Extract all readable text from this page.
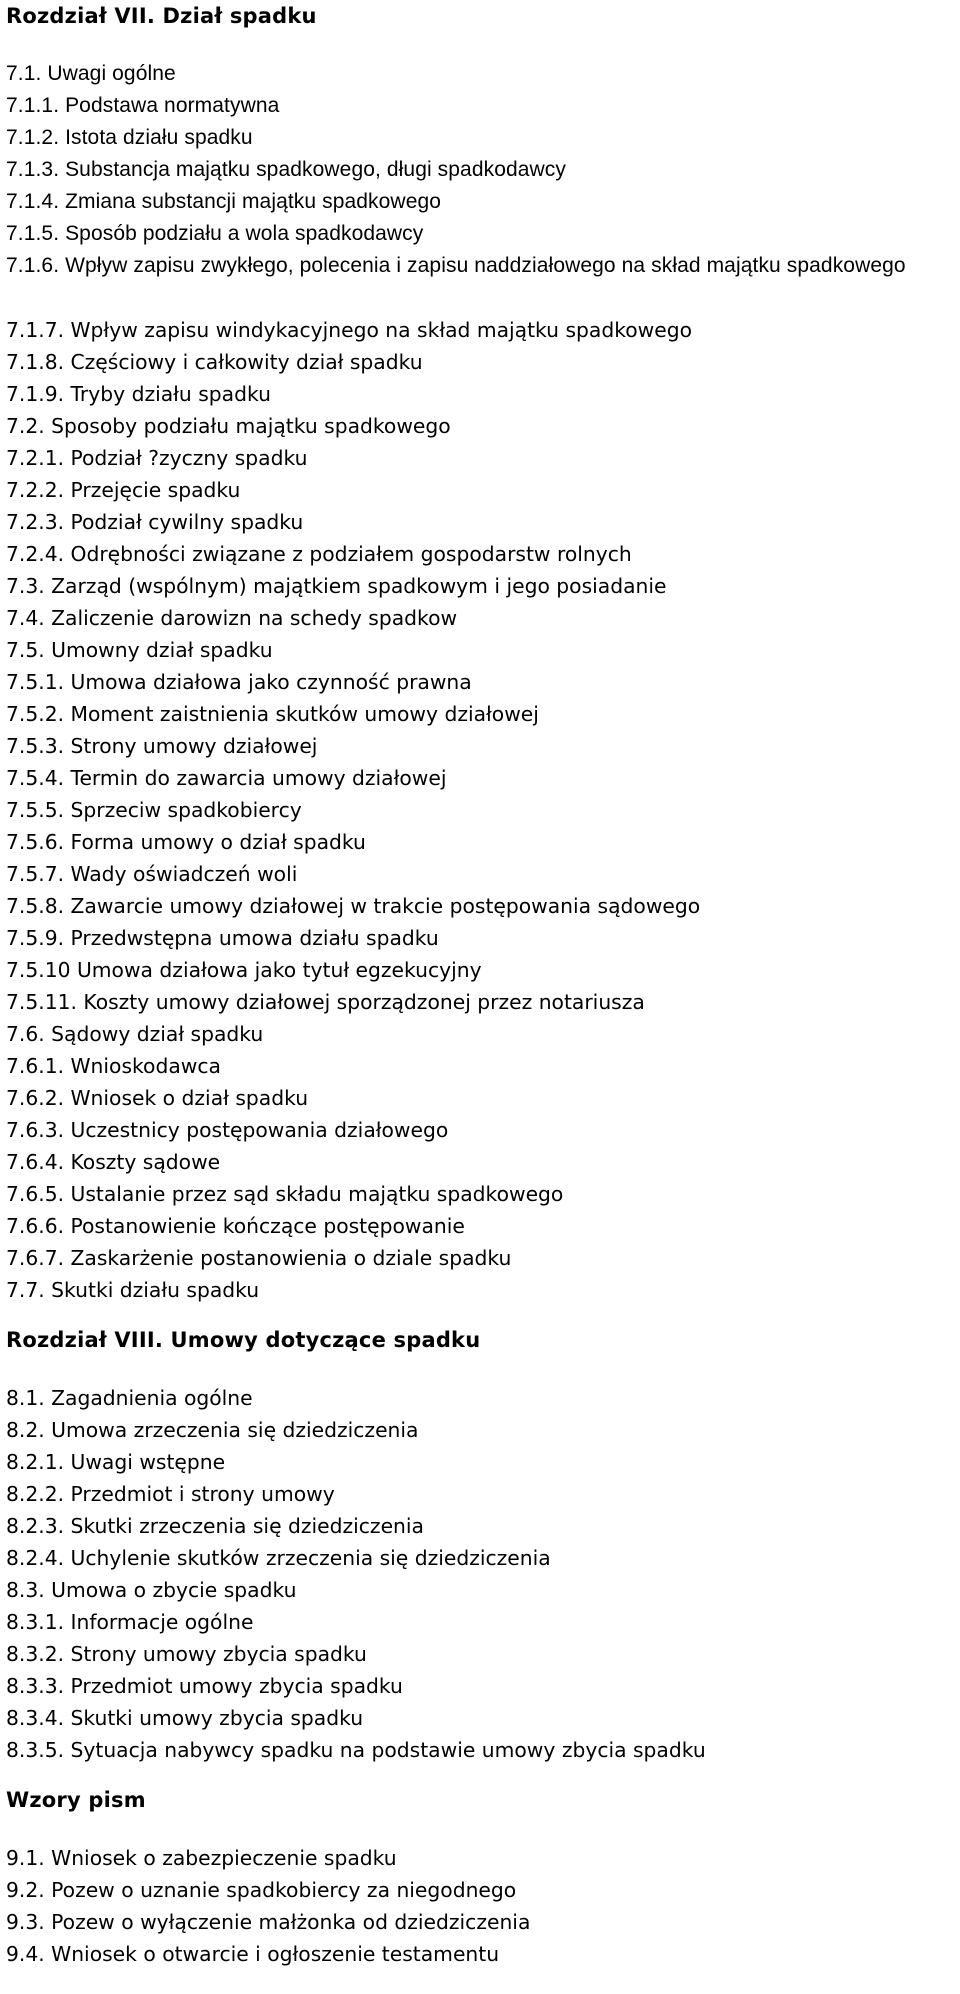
Rozdział VII. Dział spadku
7.1. Uwagi ogólne
7.1.1. Podstawa normatywna
7.1.2. Istota działu spadku
7.1.3. Substancja majątku spadkowego, długi spadkodawcy
7.1.4. Zmiana substancji majątku spadkowego
7.1.5. Sposób podziału a wola spadkodawcy
7.1.6. Wpływ zapisu zwykłego, polecenia i zapisu naddziałowego na skład majątku spadkowego
7.1.7. Wpływ zapisu windykacyjnego na skład majątku spadkowego
7.1.8. Częściowy i całkowity dział spadku
7.1.9. Tryby działu spadku
7.2. Sposoby podziału majątku spadkowego
7.2.1. Podział ?zyczny spadku
7.2.2. Przejęcie spadku
7.2.3. Podział cywilny spadku
7.2.4. Odrębności związane z podziałem gospodarstw rolnych
7.3. Zarząd (wspólnym) majątkiem spadkowym i jego posiadanie
7.4. Zaliczenie darowizn na schedy spadkow
7.5. Umowny dział spadku
7.5.1. Umowa działowa jako czynność prawna
7.5.2. Moment zaistnienia skutków umowy działowej
7.5.3. Strony umowy działowej
7.5.4. Termin do zawarcia umowy działowej
7.5.5. Sprzeciw spadkobiercy
7.5.6. Forma umowy o dział spadku
7.5.7. Wady oświadczeń woli
7.5.8. Zawarcie umowy działowej w trakcie postępowania sądowego
7.5.9. Przedwstępna umowa działu spadku
7.5.10 Umowa działowa jako tytuł egzekucyjny
7.5.11. Koszty umowy działowej sporządzonej przez notariusza
7.6. Sądowy dział spadku
7.6.1. Wnioskodawca
7.6.2. Wniosek o dział spadku
7.6.3. Uczestnicy postępowania działowego
7.6.4. Koszty sądowe
7.6.5. Ustalanie przez sąd składu majątku spadkowego
7.6.6. Postanowienie kończące postępowanie
7.6.7. Zaskarżenie postanowienia o dziale spadku
7.7. Skutki działu spadku
Rozdział VIII. Umowy dotyczące spadku
8.1. Zagadnienia ogólne
8.2. Umowa zrzeczenia się dziedziczenia
8.2.1. Uwagi wstępne
8.2.2. Przedmiot i strony umowy
8.2.3. Skutki zrzeczenia się dziedziczenia
8.2.4. Uchylenie skutków zrzeczenia się dziedziczenia
8.3. Umowa o zbycie spadku
8.3.1. Informacje ogólne
8.3.2. Strony umowy zbycia spadku
8.3.3. Przedmiot umowy zbycia spadku
8.3.4. Skutki umowy zbycia spadku
8.3.5. Sytuacja nabywcy spadku na podstawie umowy zbycia spadku
Wzory pism
9.1. Wniosek o zabezpieczenie spadku
9.2. Pozew o uznanie spadkobiercy za niegodnego
9.3. Pozew o wyłączenie małżonka od dziedziczenia
9.4. Wniosek o otwarcie i ogłoszenie testamentu
